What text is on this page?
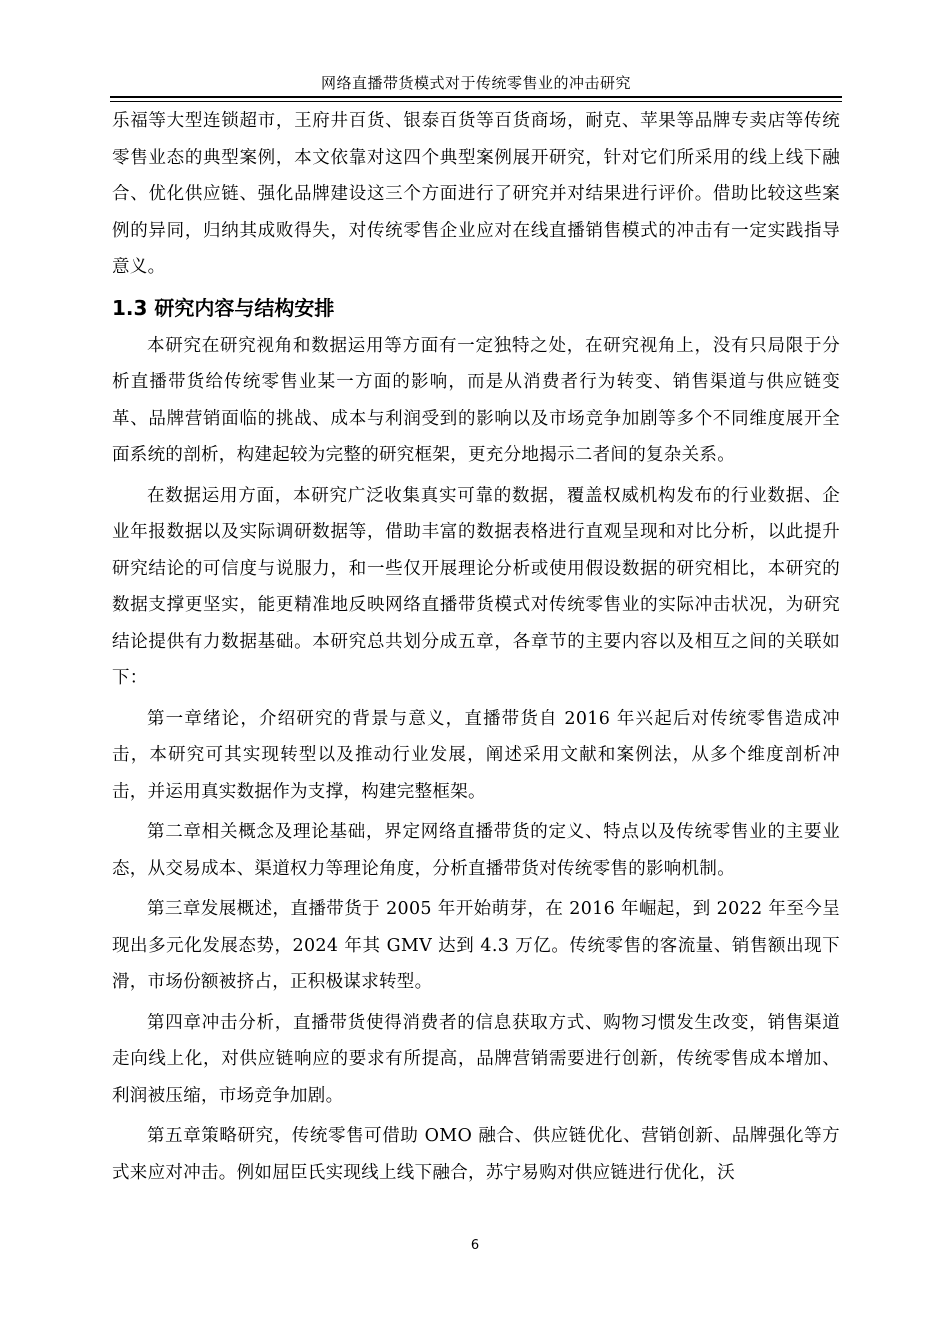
网络直播带货模式对于传统零售业的冲击研究

乐福等大型连锁超市，王府井百货、银泰百货等百货商场，耐克、苹果等品牌专卖店等传统零售业态的典型案例，本文依靠对这四个典型案例展开研究，针对它们所采用的线上线下融合、优化供应链、强化品牌建设这三个方面进行了研究并对结果进行评价。借助比较这些案例的异同，归纳其成败得失，对传统零售企业应对在线直播销售模式的冲击有一定实践指导意义。

1.3 研究内容与结构安排

本研究在研究视角和数据运用等方面有一定独特之处，在研究视角上，没有只局限于分析直播带货给传统零售业某一方面的影响，而是从消费者行为转变、销售渠道与供应链变革、品牌营销面临的挑战、成本与利润受到的影响以及市场竞争加剧等多个不同维度展开全面系统的剖析，构建起较为完整的研究框架，更充分地揭示二者间的复杂关系。

在数据运用方面，本研究广泛收集真实可靠的数据，覆盖权威机构发布的行业数据、企业年报数据以及实际调研数据等，借助丰富的数据表格进行直观呈现和对比分析，以此提升研究结论的可信度与说服力，和一些仅开展理论分析或使用假设数据的研究相比，本研究的数据支撑更坚实，能更精准地反映网络直播带货模式对传统零售业的实际冲击状况，为研究结论提供有力数据基础。本研究总共划分成五章，各章节的主要内容以及相互之间的关联如下：

第一章绪论，介绍研究的背景与意义，直播带货自 2016 年兴起后对传统零售造成冲击，本研究可其实现转型以及推动行业发展，阐述采用文献和案例法，从多个维度剖析冲击，并运用真实数据作为支撑，构建完整框架。

第二章相关概念及理论基础，界定网络直播带货的定义、特点以及传统零售业的主要业态，从交易成本、渠道权力等理论角度，分析直播带货对传统零售的影响机制。

第三章发展概述，直播带货于 2005 年开始萌芽，在 2016 年崛起，到 2022 年至今呈现出多元化发展态势，2024 年其 GMV 达到 4.3 万亿。传统零售的客流量、销售额出现下滑，市场份额被挤占，正积极谋求转型。

第四章冲击分析，直播带货使得消费者的信息获取方式、购物习惯发生改变，销售渠道走向线上化，对供应链响应的要求有所提高，品牌营销需要进行创新，传统零售成本增加、利润被压缩，市场竞争加剧。

第五章策略研究，传统零售可借助 OMO 融合、供应链优化、营销创新、品牌强化等方式来应对冲击。例如屈臣氏实现线上线下融合，苏宁易购对供应链进行优化，沃

6
